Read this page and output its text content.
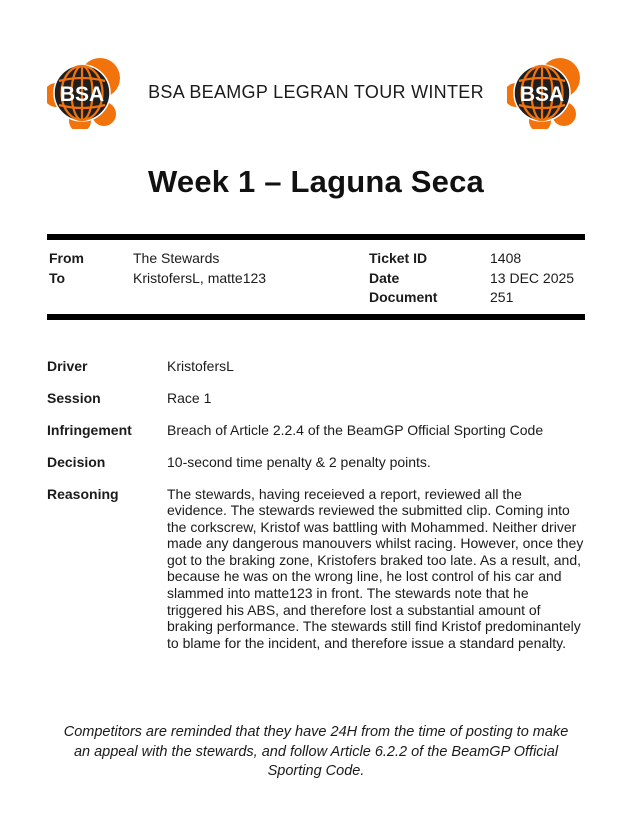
BSA	BSA BEAMGP LEGRAN TOUR WINTER	BSA
Week 1 – Laguna Seca
From	The Stewards
To	KristofersL, matte123
Ticket ID	1408
Date	13 DEC 2025
Document	251
Driver	KristofersL
Session	Race 1
Infringement	Breach of Article 2.2.4 of the BeamGP Official Sporting Code
Decision	10-second time penalty & 2 penalty points.
Reasoning	The stewards, having receieved a report, reviewed all the evidence. The stewards reviewed the submitted clip. Coming into the corkscrew, Kristof was battling with Mohammed. Neither driver made any dangerous manouvers whilst racing. However, once they got to the braking zone, Kristofers braked too late. As a result, and, because he was on the wrong line, he lost control of his car and slammed into matte123 in front. The stewards note that he triggered his ABS, and therefore lost a substantial amount of braking performance. The stewards still find Kristof predominantely to blame for the incident, and therefore issue a standard penalty.
Competitors are reminded that they have 24H from the time of posting to make an appeal with the stewards, and follow Article 6.2.2 of the BeamGP Official Sporting Code.
